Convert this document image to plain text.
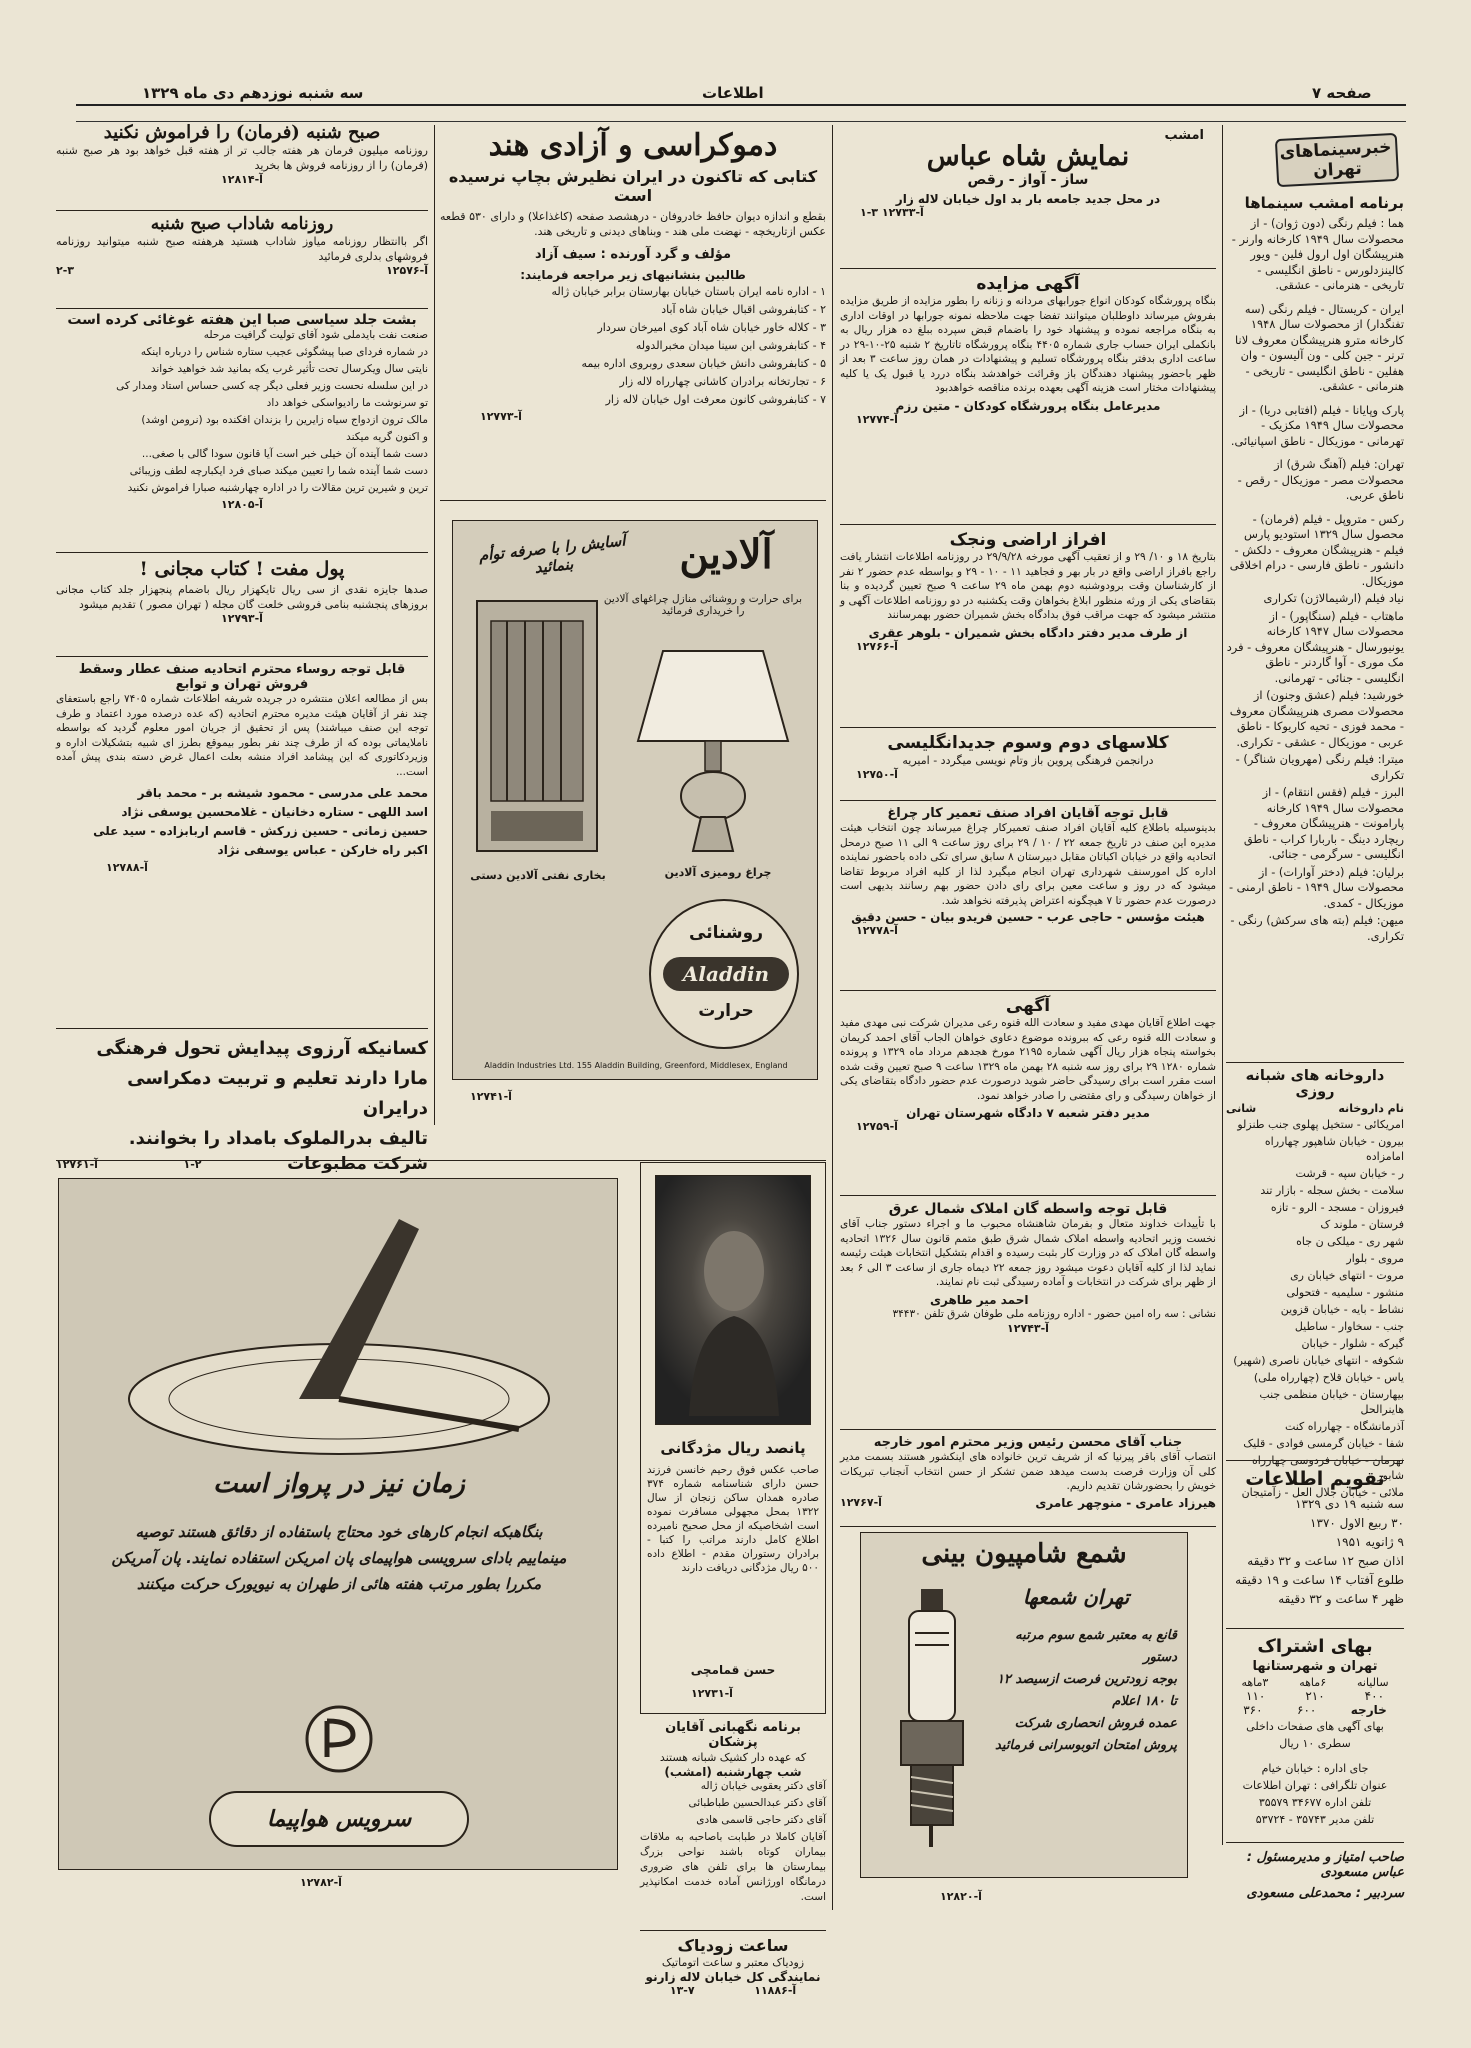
سه شنبه نوزدهم دی ماه ۱۳۲۹	اطلاعات	صفحه ۷
خبرسینماهای تهران
برنامه امشب سینماها

هما : فیلم رنگی (دون ژوان) - از محصولات سال ۱۹۴۹ کارخانه وارنر - هنرپیشگان اول ارول فلین - ویور کالینزدلورس - ناطق انگلیسی - تاریخی - هنرمانی - عشقی.

ایران - کریستال - فیلم رنگی (سه تفنگدار) از محصولات سال ۱۹۴۸ کارخانه مترو هنرپیشگان معروف لانا ترنر - جین کلی - ون آلیسون - وان هفلین - ناطق انگلیسی - تاریخی - هنرمانی - عشقی.

پارک وپایانا - فیلم (افتابی دریا) - از محصولات سال ۱۹۴۹ مکزیک - تهرمانی - موزیکال - ناطق اسپانیائی.

تهران: فیلم (آهنگ شرق) از محصولات مصر - موزیکال - رقص - ناطق عربی.

رکس - متروپل - فیلم (فرمان) - محصول سال ۱۳۲۹ استودیو پارس فیلم - هنرپیشگان معروف - دلکش - دانشور - ناطق فارسی - درام اخلاقی موزیکال.

نیاد فیلم (ارشیمالاژن) تکراری

ماهتاب - فیلم (سنگاپور) - از محصولات سال ۱۹۴۷ کارخانه یونیورسال - هنرپیشگان معروف - فرد مک موری - آوا گاردنر - ناطق انگلیسی - جنائی - تهرمانی.

خورشید: فیلم (عشق وجنون) از محصولات مصری هنرپیشگان معروف - محمد فوزی - تحیه کاریوکا - ناطق عربی - موزیکال - عشقی - تکراری.

میترا: فیلم رنگی (مهرویان شناگر) - تکراری

البرز - فیلم (فقس انتقام) - از محصولات سال ۱۹۴۹ کارخانه پارامونت - هنرپیشگان معروف - ریچارد دینگ - باربارا کراب - ناطق انگلیسی - سرگرمی - جنائی.

برلیان: فیلم (دختر آوارات) - از محصولات سال ۱۹۴۹ - ناطق ارمنی - موزیکال - کمدی.

میهن: فیلم (بته های سرکش) رنگی - تکراری.

داروخانه های شبانه روزی
نام داروخانه
شانی

امریکائی - ستخیل پهلوی جنب طنزلو

بیرون - خیابان شاهپور چهارراه امامزاده

ر - خیابان سپه - قرشت

سلامت - بخش سجله - بازار تند

فیروزان - مسجد - الرو - تازه

فرستان - ملوند ک

شهر ری - میلکی ن جاه

مروی - بلوار

مروت - انتهای خیابان ری

منشور - سلیمیه - فتحولی

نشاط - بایه - خیابان قزوین

جنب - سخاوار - ساطیل

گیرکه - شلوار - خیابان

شکوفه - انتهای خیابان ناصری (شهیر)

یاس - خیابان قلاح (چهارراه ملی)

بیهارستان - خیابان منظمی جنب هاینرالحل

آذرمانشگاه - چهارراه کنت

شفا - خیابان گرمسی فوادی - قلیک

نهرمان - خیابان فردوسی چهارراه شابور

ملائی - خیابان جلال العل - زآمتیجان

تقویم اطلاعات

سه شنبه ۱۹ دی ۱۳۲۹

۳۰ ربیع الاول ۱۳۷۰

۹ ژانویه ۱۹۵۱

اذان صبح ۱۲ ساعت و ۳۲ دقیقه

طلوع آفتاب ۱۴ ساعت و ۱۹ دقیقه

ظهر ۴ ساعت و ۳۲ دقیقه

بهای اشتراک
تهران و شهرستانها
سالیانه
۶ماهه
۳ماهه
۴۰۰
۲۱۰
۱۱۰
خارجه
۶۰۰
۳۶۰

بهای آگهی های صفحات داخلی

سطری ۱۰ ریال

جای اداره : خیابان خیام

عنوان تلگرافی : تهران اطلاعات

تلفن اداره ۳۴۶۷۷ ۳۵۵۷۹

تلفن مدیر ۳۵۷۴۳ - ۵۳۷۲۴

صاحب امتیاز و مدیرمسئول : عباس مسعودی
سردبیر : محمدعلی مسعودی
امشب
نمایش شاه عباس
ساز - آواز - رقص
در محل جدید جامعه بار بد اول خیابان لاله زار
آ-۱۲۷۳۳ ۳-۱
آگهی مزایده
بنگاه پرورشگاه کودکان انواع جورابهای مردانه و زنانه را بطور مزایده از طریق مزایده بفروش میرساند داوطلبان میتوانند تفضا جهت ملاحظه نمونه جورابها در اوقات اداری به بنگاه مراجعه نموده و پیشنهاد خود را باضمام قبض سپرده ببلغ ده هزار ریال به بانکملی ایران حساب جاری شماره ۴۴۰۵ بنگاه پرورشگاه تاتاریخ ۲ شنبه ۲۵-۱۰-۲۹ در ساعت اداری بدفتر بنگاه پرورشگاه تسلیم و پیشنهادات در همان روز ساعت ۳ بعد از ظهر باحضور پیشنهاد دهندگان باز وقرائت خواهدشد بنگاه دررد یا قبول یک یا کلیه پیشنهادات مختار است هزینه آگهی بعهده برنده مناقصه خواهدبود
مدیرعامل بنگاه پرورشگاه کودکان - متین رزم
آ-۱۲۷۷۴
افراز اراضی ونجک
بتاریخ ۱۸ و ۱۰/ ۲۹ و از تعقیب آگهی مورخه ۲۹/۹/۲۸ در روزنامه اطلاعات انتشار یافت راجع بافراز اراضی واقع در بار بهر و فجاهید ۱۱ - ۱۰ - ۲۹ و بواسطه عدم حضور ۲ نفر از کارشناسان وقت برودوشنبه دوم بهمن ماه ۲۹ ساعت ۹ صبح تعیین گردیده و بنا بتقاضای یکی از ورثه منظور ابلاغ بخواهان وقت یکشنبه در دو روزنامه اطلاعات آگهی و منتشر میشود که جهت مراقب فوق بدادگاه بخش شمیران حضور بهمرسانند
از طرف مدیر دفتر دادگاه بخش شمیران - بلوهر عقری
آ-۱۲۷۶۶
کلاسهای دوم وسوم جدیدانگلیسی
درانجمن فرهنگی پروین باز وتام نویسی میگردد - امیریه
آ-۱۲۷۵۰
قابل توجه آقایان افراد صنف تعمیر کار چراغ
بدینوسیله باطلاع کلیه آقایان افراد صنف تعمیرکار چراغ میرساند چون انتخاب هیئت مدیره این صنف در تاریخ جمعه ۲۲ / ۱۰ / ۲۹ برای روز ساعت ۹ الی ۱۱ صبح درمحل اتحادیه واقع در خیابان اکباتان مقابل دبیرستان ۸ سابق سرای تکی داده باحضور نماینده اداره کل امورسنف شهرداری تهران انجام میگیرد لذا از کلیه افراد مربوط تقاضا میشود که در روز و ساعت معین برای رای دادن حضور بهم رسانند بدیهی است درصورت عدم حضور تا ۷ هیچگونه اعتراض پذیرفته نخواهد شد.
هیئت مؤسس - حاجی عرب - حسین فریدو بیان - حسن دقیق
آ-۱۲۷۷۸
آگهی
جهت اطلاع آقایان مهدی مفید و سعادت الله قنوه رعی مدیران شرکت نبی مهدی مفید و سعادت الله قنوه رعی که ببرونده موضوع دعاوی خواهان الجاب آقای احمد کریمان بخواسته پنجاه هزار ریال آگهی شماره ۲۱۹۵ مورخ هجدهم مرداد ماه ۱۳۲۹ و پرونده شماره ۱۲۸۰ ۲۹ برای روز سه شنبه ۲۸ بهمن ماه ۱۳۲۹ ساعت ۹ صبح تعیین وقت شده است مقرر است برای رسیدگی حاضر شوید درصورت عدم حضور دادگاه بتقاضای یکی از خواهان رسیدگی و رای مقتضی را صادر خواهد نمود.
مدیر دفتر شعبه ۷ دادگاه شهرستان تهران
آ-۱۲۷۵۹
قابل توجه واسطه گان املاک شمال عرق
با تأییدات خداوند متعال و بفرمان شاهنشاه محبوب ما و اجراء دستور جناب آقای نخست وزیر اتحادیه واسطه املاک شمال شرق طبق متمم قانون سال ۱۳۲۶ اتحادیه واسطه گان املاک که در وزارت کار بثبت رسیده و اقدام بتشکیل انتخابات هیئت رئیسه نماید لذا از کلیه آقایان دعوت میشود روز جمعه ۲۲ دیماه جاری از ساعت ۳ الی ۶ بعد از ظهر برای شرکت در انتخابات و آماده رسیدگی ثبت نام نمایند.
احمد میر طاهری
نشانی : سه راه امین حضور - اداره روزنامه ملی طوفان شرق تلفن ۳۴۴۳۰
آ-۱۲۷۴۳
جناب آقای محسن رئیس وزیر محترم امور خارجه
انتصاب آقای باقر پیرنیا که از شریف ترین خانواده های اینکشور هستند بسمت مدیر کلی آن وزارت فرصت بدست میدهد ضمن تشکر از حسن انتخاب آنجناب تبریکات خویش را بحضورشان تقدیم داریم.
هیرزاد عامری - منوچهر عامری
آ-۱۲۷۶۷
شمع شامپیون بینی
تهران شمعها
قانع به معتبر شمع سوم مرتبه دستور
بوجه زودترین فرصت ازسیصد ۱۲ تا ۱۸۰ اعلام
عمده فروش انحصاری شرکت
پروش امتحان اتوبوسرانی فرمائید
آ-۱۲۸۲۰
دموکراسی و آزادی هند
کتابی که تاکنون در ایران نظیرش بچاپ نرسیده است
بقطع و اندازه دیوان حافظ خادروفان - درهشصد صفحه (کاغذاعلا) و دارای ۵۳۰ قطعه عکس ازتاریخچه - نهضت ملی هند - وبناهای دیدنی و تاریخی هند.
مؤلف و گرد آورنده : سیف آزاد
طالبین بنشانیهای زیر مراجعه فرمایند:

۱ - اداره نامه ایران باستان خیابان بهارستان برابر خیابان ژاله

۲ - کتابفروشی اقبال خیابان شاه آباد

۳ - کلاله خاور خیابان شاه آباد کوی امیرخان سردار

۴ - کتابفروشی ابن سینا میدان مخبرالدوله

۵ - کتابفروشی دانش خیابان سعدی روبروی اداره بیمه

۶ - تجارتخانه برادران کاشانی چهارراه لاله زار

۷ - کتابفروشی کانون معرفت اول خیابان لاله زار

آ-۱۲۷۷۳
آلادین
آسایش را با صرفه توأم بنمائید
برای حرارت و روشنائی منازل چراغهای آلادین را خریداری فرمائید
چراغ رومیزی آلادین
بخاری نفتی آلادین دستی
روشنائی
Aladdin
حرارت
Aladdin Industries Ltd. 155 Aladdin Building, Greenford, Middlesex, England
آ-۱۲۷۴۱
صبح شنبه (فرمان) را فراموش نکنید
روزنامه میلیون فرمان هر هفته جالب تر از هفته قبل خواهد بود هر صبح شنبه (فرمان) را از روزنامه فروش ها بخرید
آ-۱۲۸۱۴
روزنامه شاداب صبح شنبه
اگر باانتظار روزنامه میاوز شاداب هستید هرهفته صبح شنبه میتوانید روزنامه فروشهای بدلری فرمائید
آ-۱۲۵۷۶
۲-۳
بشت جلد سیاسی صبا این هفته غوغائی کرده است

صنعت نفت بایدملی شود آقای تولیت گرافیت مرحله

در شماره فردای صبا پیشگوئی عجیب ستاره شناس را درباره اینکه

نایتی سال ویکرسال تحت تأثیر غرب یکه بمانید شد خواهید خواند

در این سلسله نحست وزیر فعلی دیگر چه کسی حساس استاد ومدار کی

تو سرنوشت ما رادیواسکی خواهد داد

مالک ترون ازدواج سیاه زایرین را بزندان افکنده بود (نرومن اوشد)

و اکنون گریه میکند

دست شما آینده آن خیلی خبر است آیا قانون سودا گالی با صغی...

دست شما آینده شما را تعیین میکند صبای فرد ایکبارچه لطف وزیبائی

ترین و شیرین ترین مقالات را در اداره چهارشنبه صبارا فراموش نکنید

آ-۱۲۸۰۵
پول مفت ! کتاب مجانی !
صدها جایزه نقدی از سی ریال تایکهزار ریال باضمام پنجهزار جلد کتاب مجانی بروزهای پنجشنبه بنامی فروشی خلعت گان مجله ( تهران مصور ) تقدیم میشود
آ-۱۲۷۹۳
قابل توجه روساء محترم اتحادیه صنف عطار وسقط
فروش تهران و توابع
بس از مطالعه اعلان منتشره در جریده شریفه اطلاعات شماره ۷۴۰۵ راجع باستعفای چند نفر از آقایان هیئت مدیره محترم اتحادیه (که عده درصده مورد اعتماد و طرف توجه این صنف میباشند) پس از تحقیق از جریان امور معلوم گردید که بواسطه ناملایماتی بوده که از طرف چند نفر بطور بیموقع بطرز ای شبیه بتشکیلات اداره و وزیردکاتوری که این پیشامد افراد منشه بعلت اعمال غرض دسته بندی پیش آمده است...

محمد علی مدرسی - محمود شیشه بر - محمد باقر

اسد اللهی - ستاره دخانیان - غلامحسین یوسفی نژاد

حسین زمانی - حسین زرکش - قاسم اربابزاده - سید علی

اکبر راه خارکن - عباس یوسفی نژاد

آ-۱۲۷۸۸
کسانیکه آرزوی پیدایش تحول فرهنگی
مارا دارند تعلیم و تربیت دمکراسی درایران
تالیف بدرالملوک بامداد را بخوانند.
شرکت مطبوعات
۱-۲
آ-۱۲۷۶۱
زمان نیز در پرواز است
بنگاهبکه انجام کارهای خود محتاج باستفاده از دقائق هستند توصیه مینماییم بادای سرویسی هواپیمای پان امریکن استفاده نمایند. پان آمریکن مکررا بطور مرتب هفته هائی از طهران به نیویورک حرکت میکنند
سرویس هواپیما
آ-۱۲۷۸۲
پانصد ریال مژدگانی
صاحب عکس فوق رحیم خانسن فرزند حسن دارای شناسنامه شماره ۳۷۴ صادره همدان ساکن زنجان از سال ۱۳۲۲ بمحل مجهولی مسافرت نموده است اشخاصیکه از محل صحیح نامبرده اطلاع کامل دارند مراتب را کتبا - برادران رستوران مقدم - اطلاع داده ۵۰۰ ریال مژدگانی دریافت دارند
حسن قمامچی
آ-۱۲۷۳۱
برنامه نگهبانی آقایان پزشکان
که عهده دار کشیک شبانه هستند
شب چهارشنبه (امشب)

آقای دکتر یعقوبی خیابان ژاله

آقای دکتر عبدالحسین طباطبائی

آقای دکتر حاجی قاسمی هادی

آقایان کاملا در طبابت باصاحبه به ملاقات بیماران کوتاه باشند نواحی بزرگ بیمارستان ها برای تلفن های ضروری درمانگاه اورژانس آماده خدمت امکانپذیر است.
ساعت زودیاک
زودیاک معتبر و ساعت اتوماتیک
نمایندگی کل خیابان لاله زارنو
آ-۱۱۸۸۶
۱۳-۷
